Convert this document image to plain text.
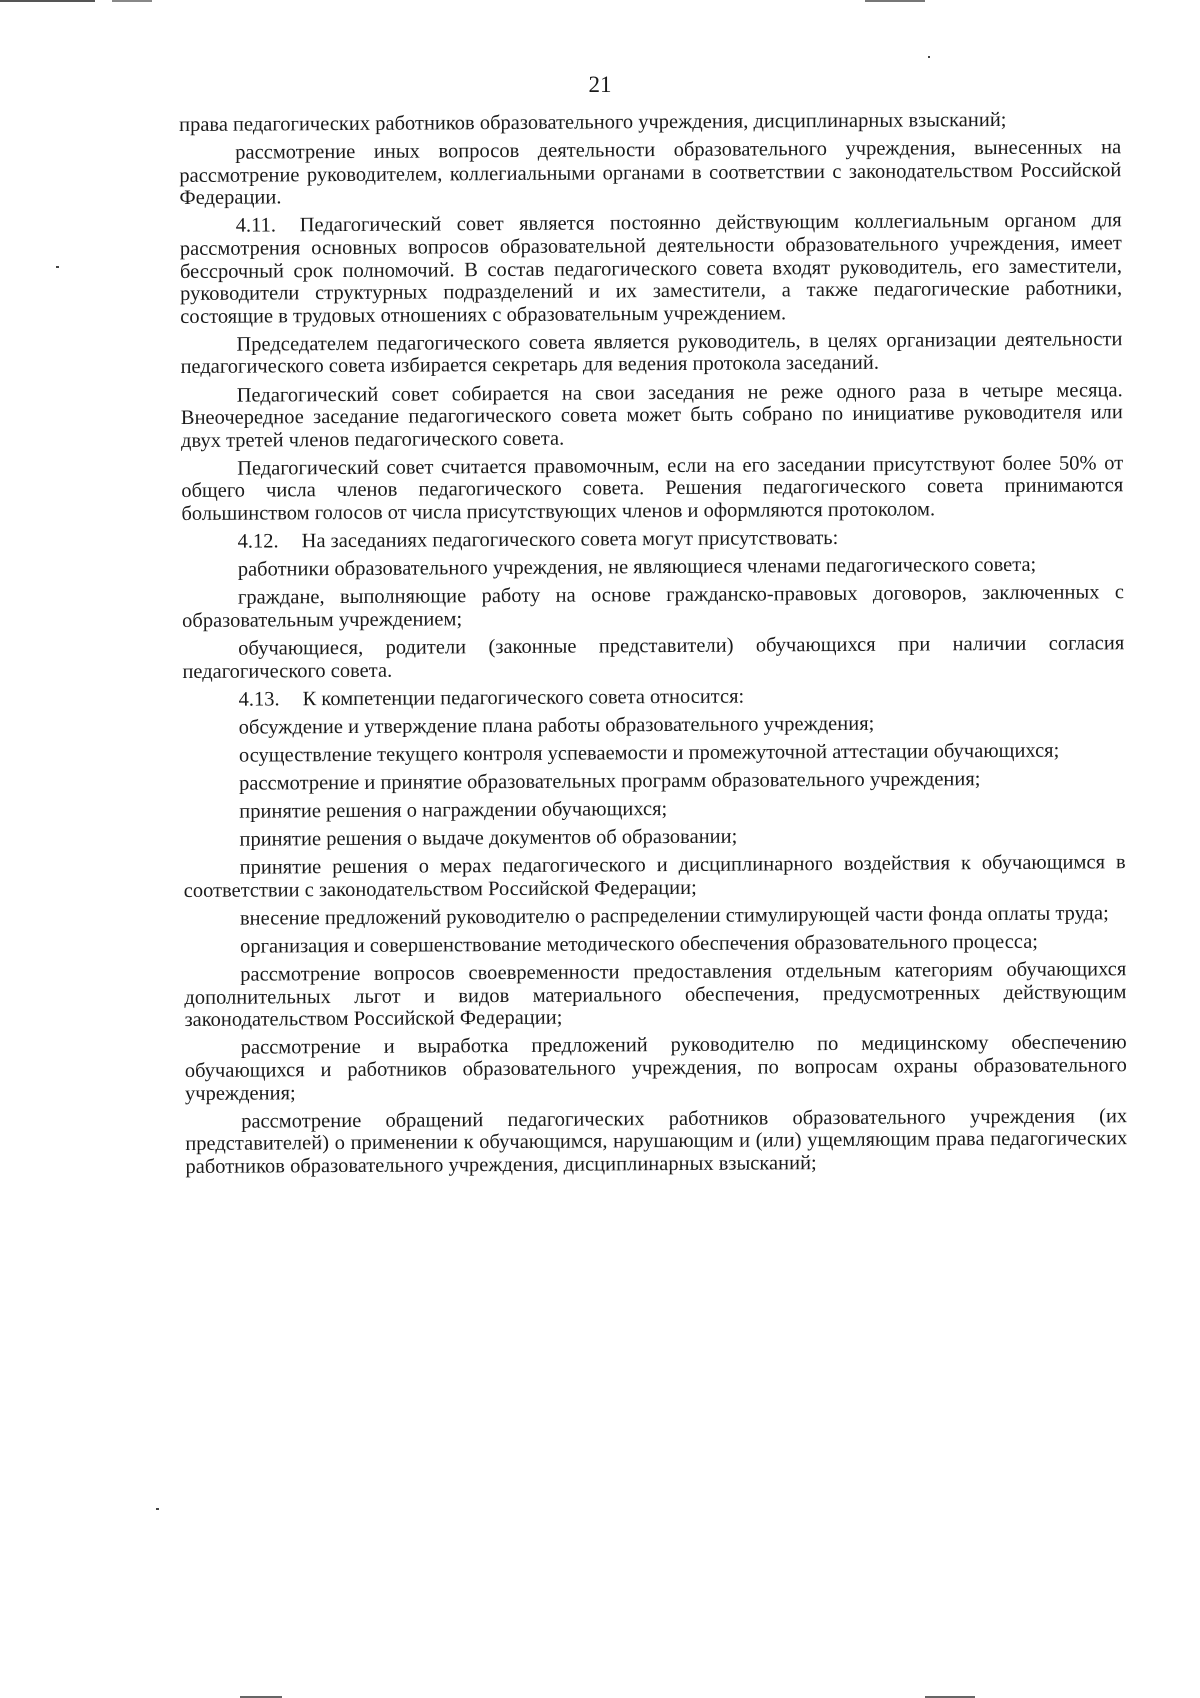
21

права педагогических работников образовательного учреждения, дисциплинарных взысканий;

рассмотрение иных вопросов деятельности образовательного учреждения, вынесенных на рассмотрение руководителем, коллегиальными органами в соответствии с законодательством Российской Федерации.

4.11. Педагогический совет является постоянно действующим коллегиальным органом для рассмотрения основных вопросов образовательной деятельности образовательного учреждения, имеет бессрочный срок полномочий. В состав педагогического совета входят руководитель, его заместители, руководители структурных подразделений и их заместители, а также педагогические работники, состоящие в трудовых отношениях с образовательным учреждением.

Председателем педагогического совета является руководитель, в целях организации деятельности педагогического совета избирается секретарь для ведения протокола заседаний.

Педагогический совет собирается на свои заседания не реже одного раза в четыре месяца. Внеочередное заседание педагогического совета может быть собрано по инициативе руководителя или двух третей членов педагогического совета.

Педагогический совет считается правомочным, если на его заседании присутствуют более 50% от общего числа членов педагогического совета. Решения педагогического совета принимаются большинством голосов от числа присутствующих членов и оформляются протоколом.

4.12. На заседаниях педагогического совета могут присутствовать:

работники образовательного учреждения, не являющиеся членами педагогического совета;

граждане, выполняющие работу на основе гражданско-правовых договоров, заключенных с образовательным учреждением;

обучающиеся, родители (законные представители) обучающихся при наличии согласия педагогического совета.

4.13. К компетенции педагогического совета относится:

обсуждение и утверждение плана работы образовательного учреждения;

осуществление текущего контроля успеваемости и промежуточной аттестации обучающихся;

рассмотрение и принятие образовательных программ образовательного учреждения;

принятие решения о награждении обучающихся;

принятие решения о выдаче документов об образовании;

принятие решения о мерах педагогического и дисциплинарного воздействия к обучающимся в соответствии с законодательством Российской Федерации;

внесение предложений руководителю о распределении стимулирующей части фонда оплаты труда;

организация и совершенствование методического обеспечения образовательного процесса;

рассмотрение вопросов своевременности предоставления отдельным категориям обучающихся дополнительных льгот и видов материального обеспечения, предусмотренных действующим законодательством Российской Федерации;

рассмотрение и выработка предложений руководителю по медицинскому обеспечению обучающихся и работников образовательного учреждения, по вопросам охраны образовательного учреждения;

рассмотрение обращений педагогических работников образовательного учреждения (их представителей) о применении к обучающимся, нарушающим и (или) ущемляющим права педагогических работников образовательного учреждения, дисциплинарных взысканий;
